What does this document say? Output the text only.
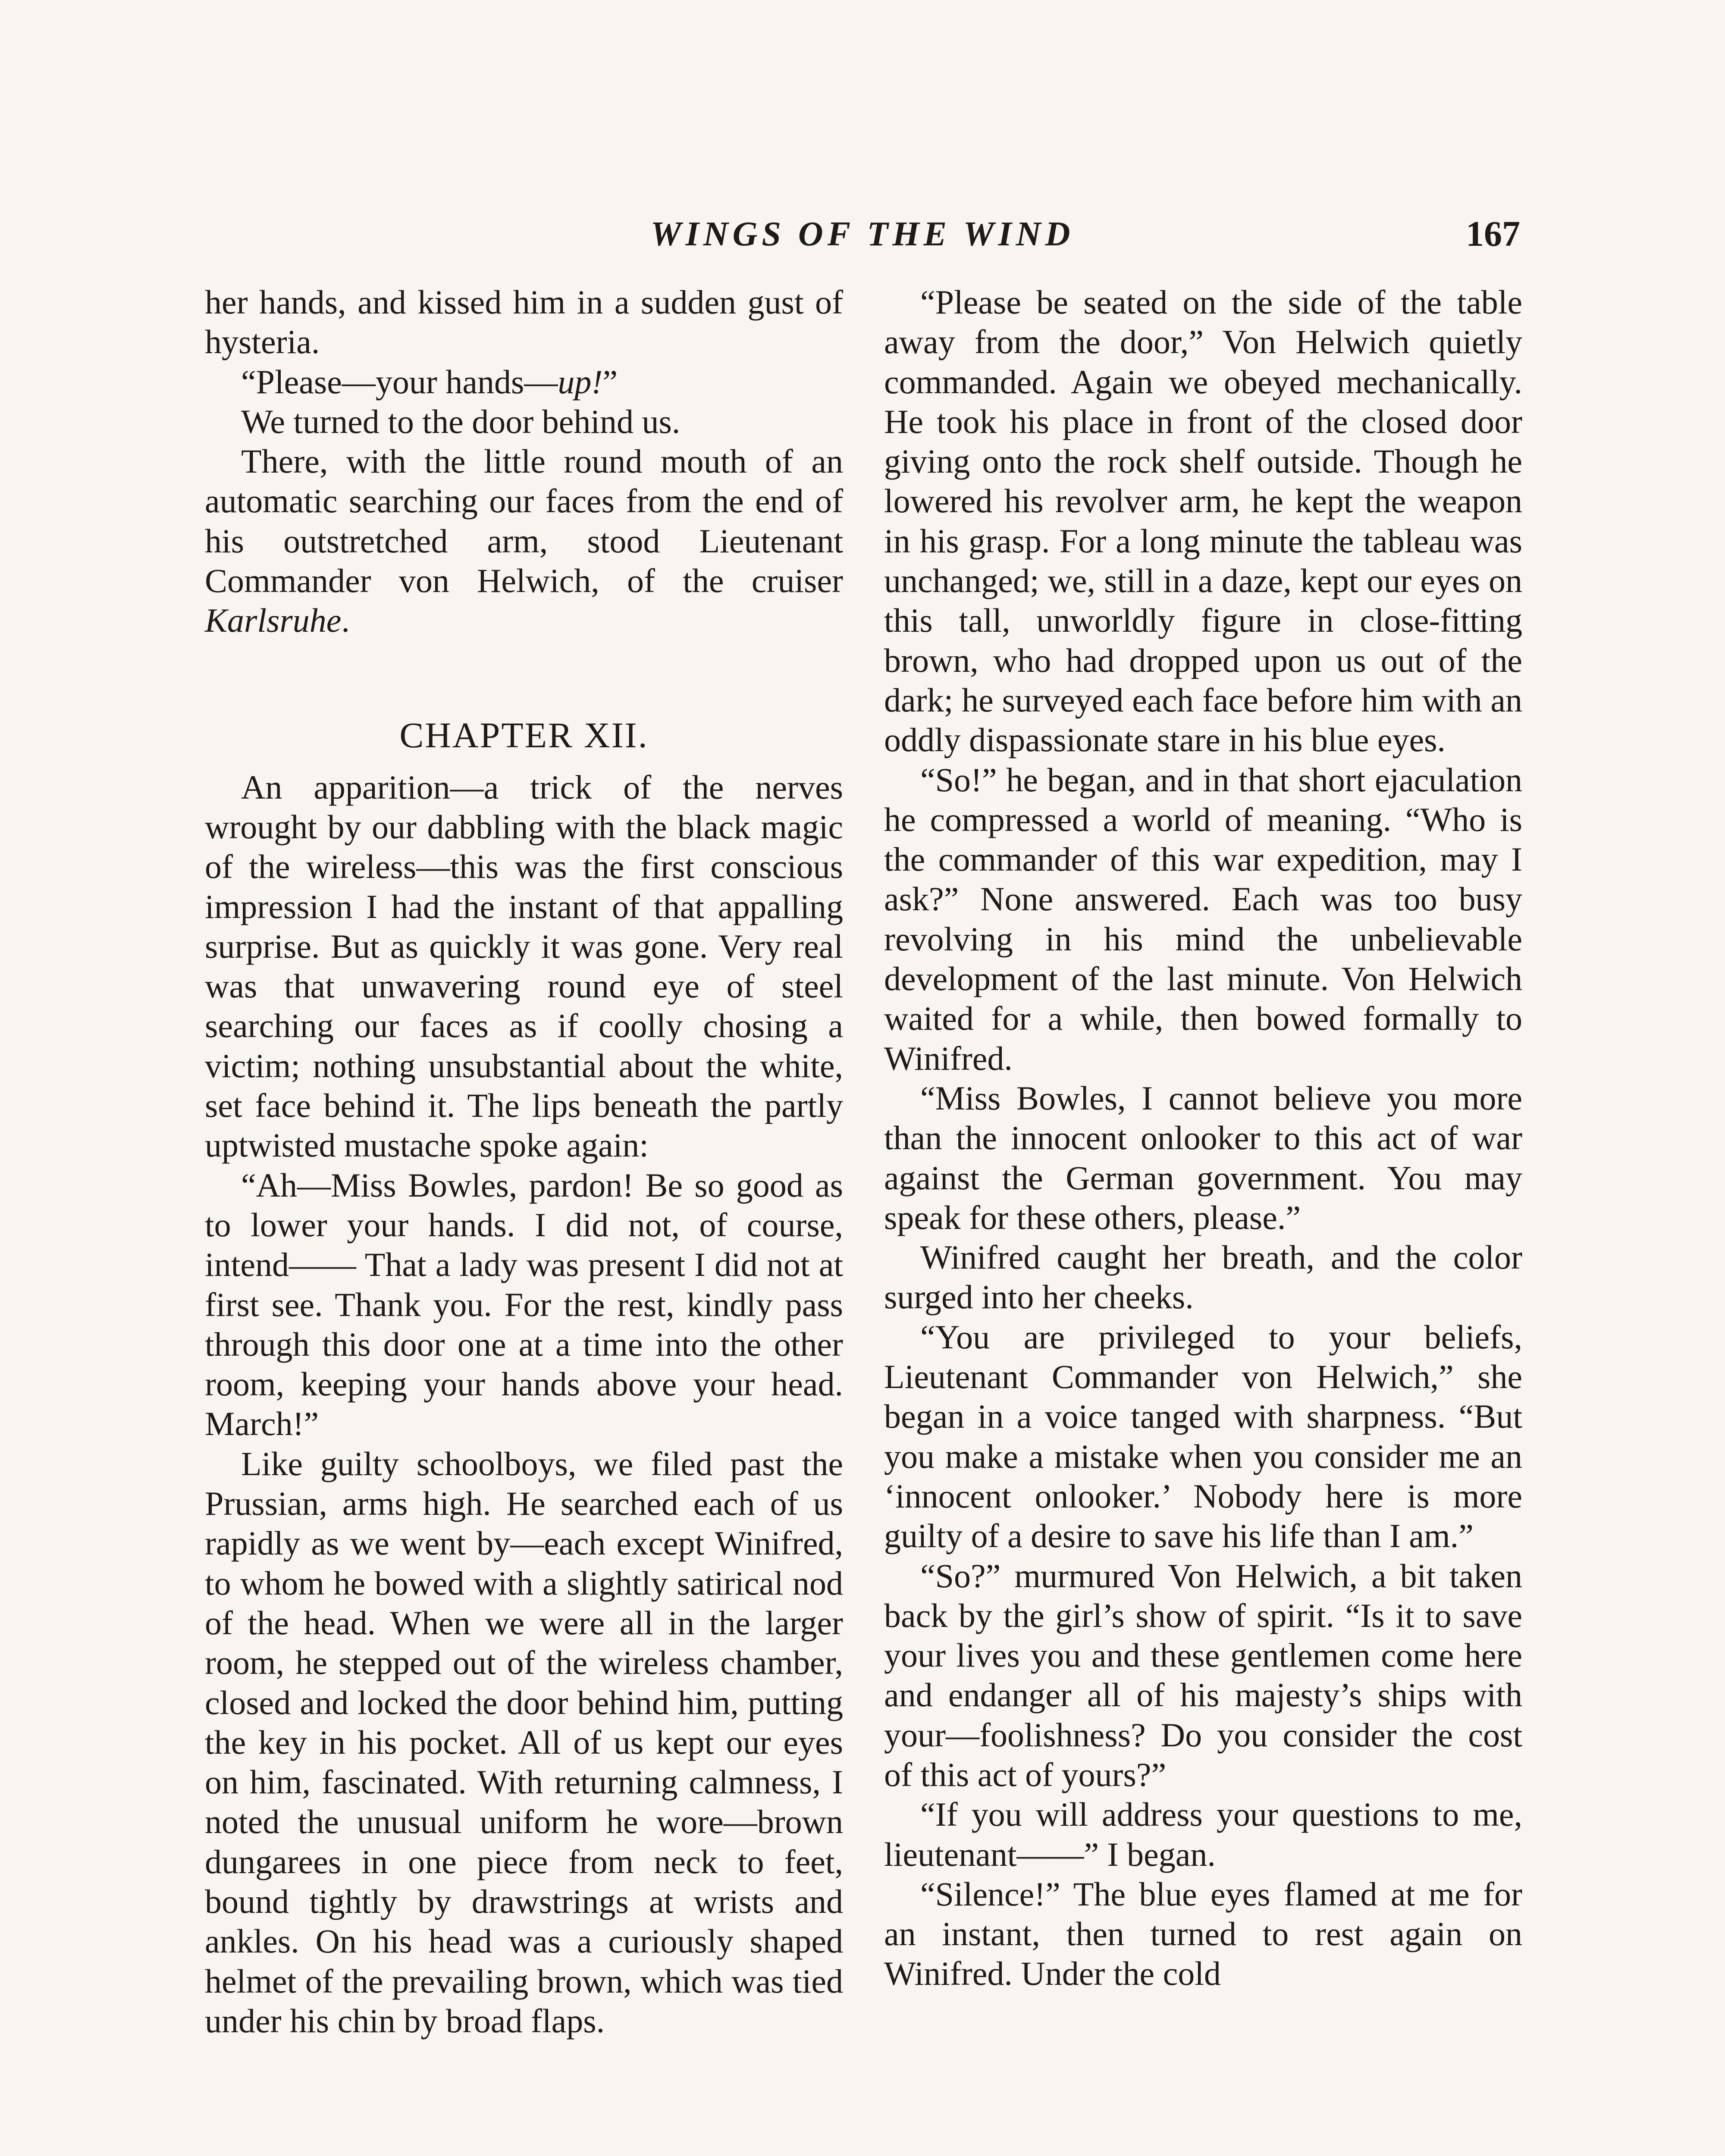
WINGS OF THE WIND	167

her hands, and kissed him in a sudden gust of hysteria.

“Please—your hands—up!”

We turned to the door behind us.

There, with the little round mouth of an automatic searching our faces from the end of his outstretched arm, stood Lieutenant Commander von Helwich, of the cruiser Karlsruhe.

CHAPTER XII.

An apparition—a trick of the nerves wrought by our dabbling with the black magic of the wireless—this was the first conscious impression I had the instant of that appalling surprise. But as quickly it was gone. Very real was that unwavering round eye of steel searching our faces as if coolly chosing a victim; nothing unsubstantial about the white, set face behind it. The lips beneath the partly uptwisted mustache spoke again:

“Ah—Miss Bowles, pardon! Be so good as to lower your hands. I did not, of course, intend—— That a lady was present I did not at first see. Thank you. For the rest, kindly pass through this door one at a time into the other room, keeping your hands above your head. March!”

Like guilty schoolboys, we filed past the Prussian, arms high. He searched each of us rapidly as we went by—each except Winifred, to whom he bowed with a slightly satirical nod of the head. When we were all in the larger room, he stepped out of the wireless chamber, closed and locked the door behind him, putting the key in his pocket. All of us kept our eyes on him, fascinated. With returning calmness, I noted the unusual uniform he wore—brown dungarees in one piece from neck to feet, bound tightly by drawstrings at wrists and ankles. On his head was a curiously shaped helmet of the prevailing brown, which was tied under his chin by broad flaps.

“Please be seated on the side of the table away from the door,” Von Helwich quietly commanded. Again we obeyed mechanically. He took his place in front of the closed door giving onto the rock shelf outside. Though he lowered his revolver arm, he kept the weapon in his grasp. For a long minute the tableau was unchanged; we, still in a daze, kept our eyes on this tall, unworldly figure in close-fitting brown, who had dropped upon us out of the dark; he surveyed each face before him with an oddly dispassionate stare in his blue eyes.

“So!” he began, and in that short ejaculation he compressed a world of meaning. “Who is the commander of this war expedition, may I ask?” None answered. Each was too busy revolving in his mind the unbelievable development of the last minute. Von Helwich waited for a while, then bowed formally to Winifred.

“Miss Bowles, I cannot believe you more than the innocent onlooker to this act of war against the German government. You may speak for these others, please.”

Winifred caught her breath, and the color surged into her cheeks.

“You are privileged to your beliefs, Lieutenant Commander von Helwich,” she began in a voice tanged with sharpness. “But you make a mistake when you consider me an ‘innocent onlooker.’ Nobody here is more guilty of a desire to save his life than I am.”

“So?” murmured Von Helwich, a bit taken back by the girl’s show of spirit. “Is it to save your lives you and these gentlemen come here and endanger all of his majesty’s ships with your—foolishness? Do you consider the cost of this act of yours?”

“If you will address your questions to me, lieutenant——” I began.

“Silence!” The blue eyes flamed at me for an instant, then turned to rest again on Winifred. Under the cold
